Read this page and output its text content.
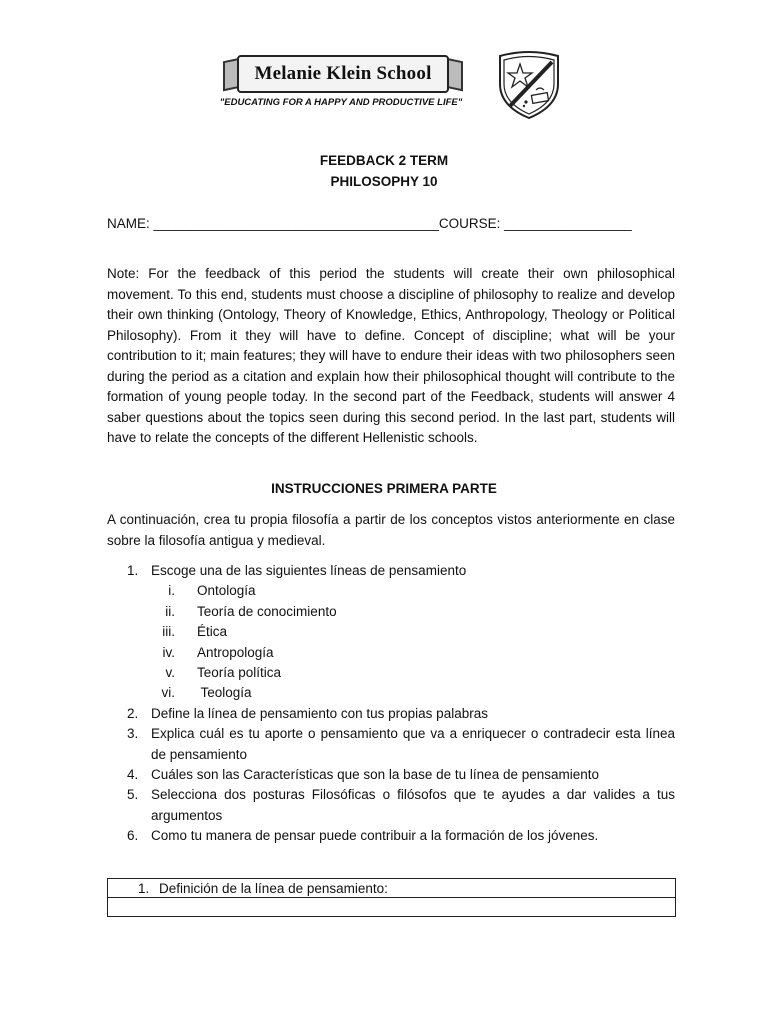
Melanie Klein School
"EDUCATING FOR A HAPPY AND PRODUCTIVE LIFE"
FEEDBACK 2 TERM
PHILOSOPHY 10
NAME: ______________________________________COURSE: _________________
Note: For the feedback of this period the students will create their own philosophical movement. To this end, students must choose a discipline of philosophy to realize and develop their own thinking (Ontology, Theory of Knowledge, Ethics, Anthropology, Theology or Political Philosophy). From it they will have to define. Concept of discipline; what will be your contribution to it; main features; they will have to endure their ideas with two philosophers seen during the period as a citation and explain how their philosophical thought will contribute to the formation of young people today. In the second part of the Feedback, students will answer 4 saber questions about the topics seen during this second period. In the last part, students will have to relate the concepts of the different Hellenistic schools.
INSTRUCCIONES PRIMERA PARTE
A continuación, crea tu propia filosofía a partir de los conceptos vistos anteriormente en clase sobre la filosofía antigua y medieval.
1. Escoge una de las siguientes líneas de pensamiento
i. Ontología
ii. Teoría de conocimiento
iii. Ética
iv. Antropología
v. Teoría política
vi. Teología
2. Define la línea de pensamiento con tus propias palabras
3. Explica cuál es tu aporte o pensamiento que va a enriquecer o contradecir esta línea de pensamiento
4. Cuáles son las Características que son la base de tu línea de pensamiento
5. Selecciona dos posturas Filosóficas o filósofos que te ayudes a dar valides a tus argumentos
6. Como tu manera de pensar puede contribuir a la formación de los jóvenes.
1. Definición de la línea de pensamiento:
